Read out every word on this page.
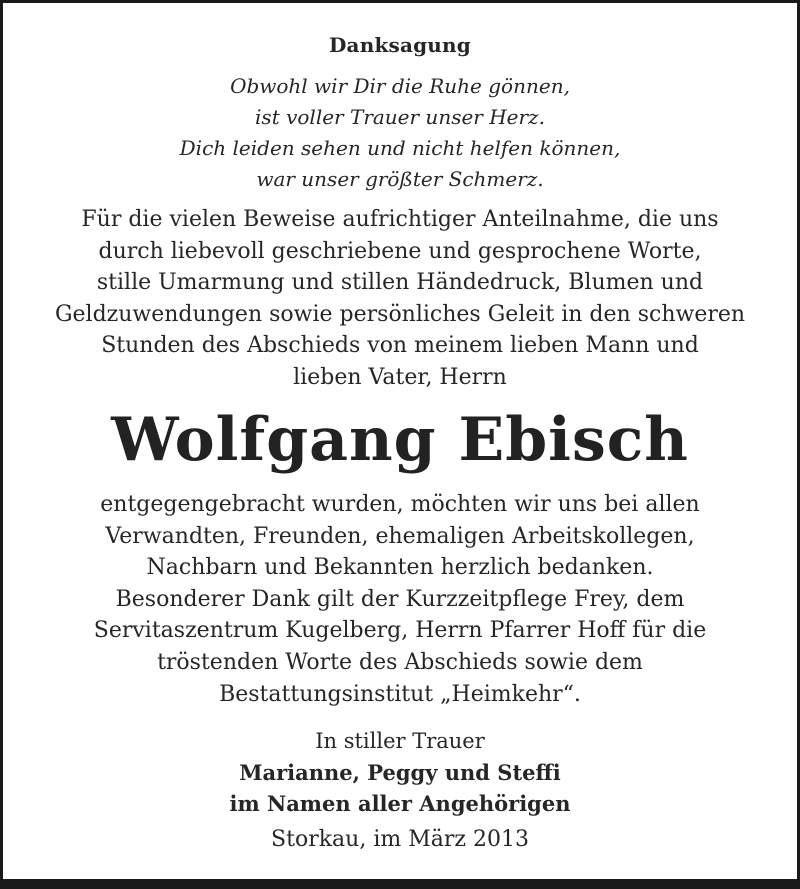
Danksagung
Obwohl wir Dir die Ruhe gönnen,
ist voller Trauer unser Herz.
Dich leiden sehen und nicht helfen können,
war unser größter Schmerz.
Für die vielen Beweise aufrichtiger Anteilnahme, die uns
durch liebevoll geschriebene und gesprochene Worte,
stille Umarmung und stillen Händedruck, Blumen und
Geldzuwendungen sowie persönliches Geleit in den schweren
Stunden des Abschieds von meinem lieben Mann und
lieben Vater, Herrn
Wolfgang Ebisch
entgegengebracht wurden, möchten wir uns bei allen
Verwandten, Freunden, ehemaligen Arbeitskollegen,
Nachbarn und Bekannten herzlich bedanken.
Besonderer Dank gilt der Kurzzeitpflege Frey, dem
Servitaszentrum Kugelberg, Herrn Pfarrer Hoff für die
tröstenden Worte des Abschieds sowie dem
Bestattungsinstitut „Heimkehr“.
In stiller Trauer
Marianne, Peggy und Steffi
im Namen aller Angehörigen
Storkau, im März 2013
